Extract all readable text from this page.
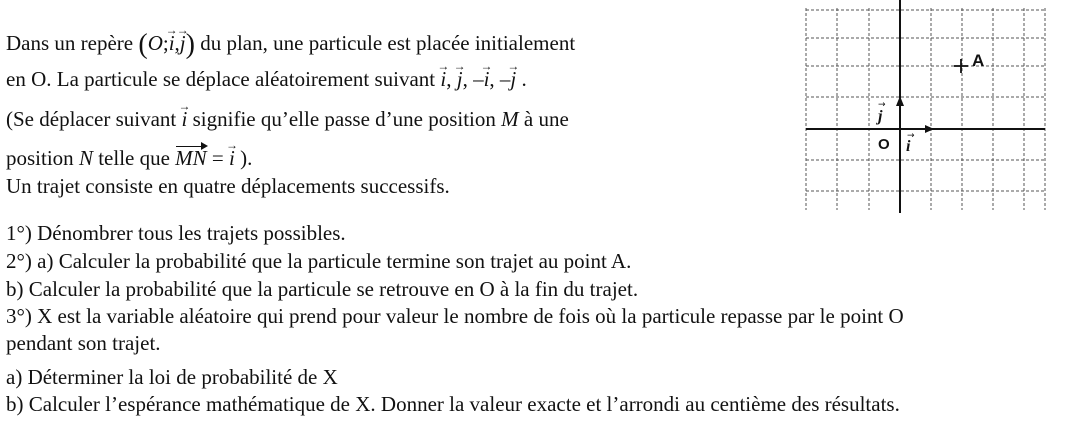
Dans un repère (O;→ i,→ j) du plan, une particule est placée initialement
en O. La particule se déplace aléatoirement suivant → i, → j, –→ i, –→ j .
(Se déplacer suivant → i signifie qu’elle passe d’une position M à une
position N telle que MN = → i ).
Un trajet consiste en quatre déplacements successifs.
1°) Dénombrer tous les trajets possibles.
2°) a) Calculer la probabilité que la particule termine son trajet au point A.
b) Calculer la probabilité que la particule se retrouve en O à la fin du trajet.
3°) X est la variable aléatoire qui prend pour valeur le nombre de fois où la particule repasse par le point O
pendant son trajet.
a) Déterminer la loi de probabilité de X
b) Calculer l’espérance mathématique de X. Donner la valeur exacte et l’arrondi au centième des résultats.
A
O i
→
j
→
